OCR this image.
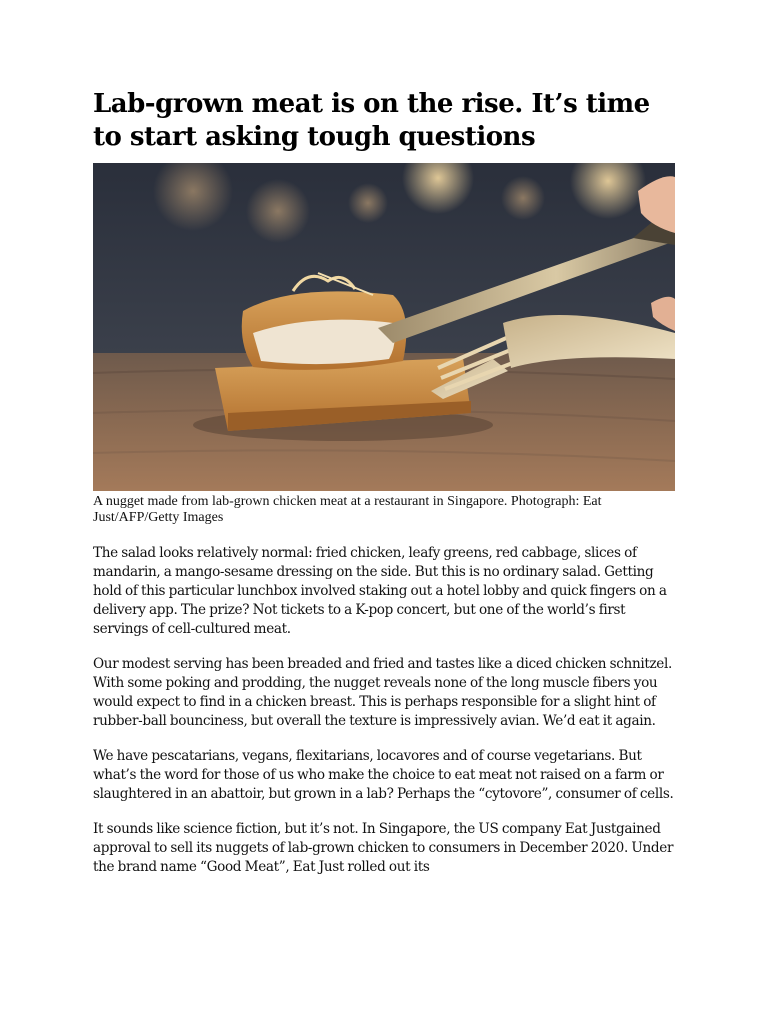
Lab-grown meat is on the rise. It’s time to start asking tough questions
A nugget made from lab-grown chicken meat at a restaurant in Singapore. Photograph: Eat Just/AFP/Getty Images

The salad looks relatively normal: fried chicken, leafy greens, red cabbage, slices of mandarin, a mango-sesame dressing on the side. But this is no ordinary salad. Getting hold of this particular lunchbox involved staking out a hotel lobby and quick fingers on a delivery app. The prize? Not tickets to a K-pop concert, but one of the world’s first servings of cell-cultured meat.

Our modest serving has been breaded and fried and tastes like a diced chicken schnitzel. With some poking and prodding, the nugget reveals none of the long muscle fibers you would expect to find in a chicken breast. This is perhaps responsible for a slight hint of rubber-ball bounciness, but overall the texture is impressively avian. We’d eat it again.

We have pescatarians, vegans, flexitarians, locavores and of course vegetarians. But what’s the word for those of us who make the choice to eat meat not raised on a farm or slaughtered in an abattoir, but grown in a lab? Perhaps the “cytovore”, consumer of cells.

It sounds like science fiction, but it’s not. In Singapore, the US company Eat Justgained approval to sell its nuggets of lab-grown chicken to consumers in December 2020. Under the brand name “Good Meat”, Eat Just rolled out its
